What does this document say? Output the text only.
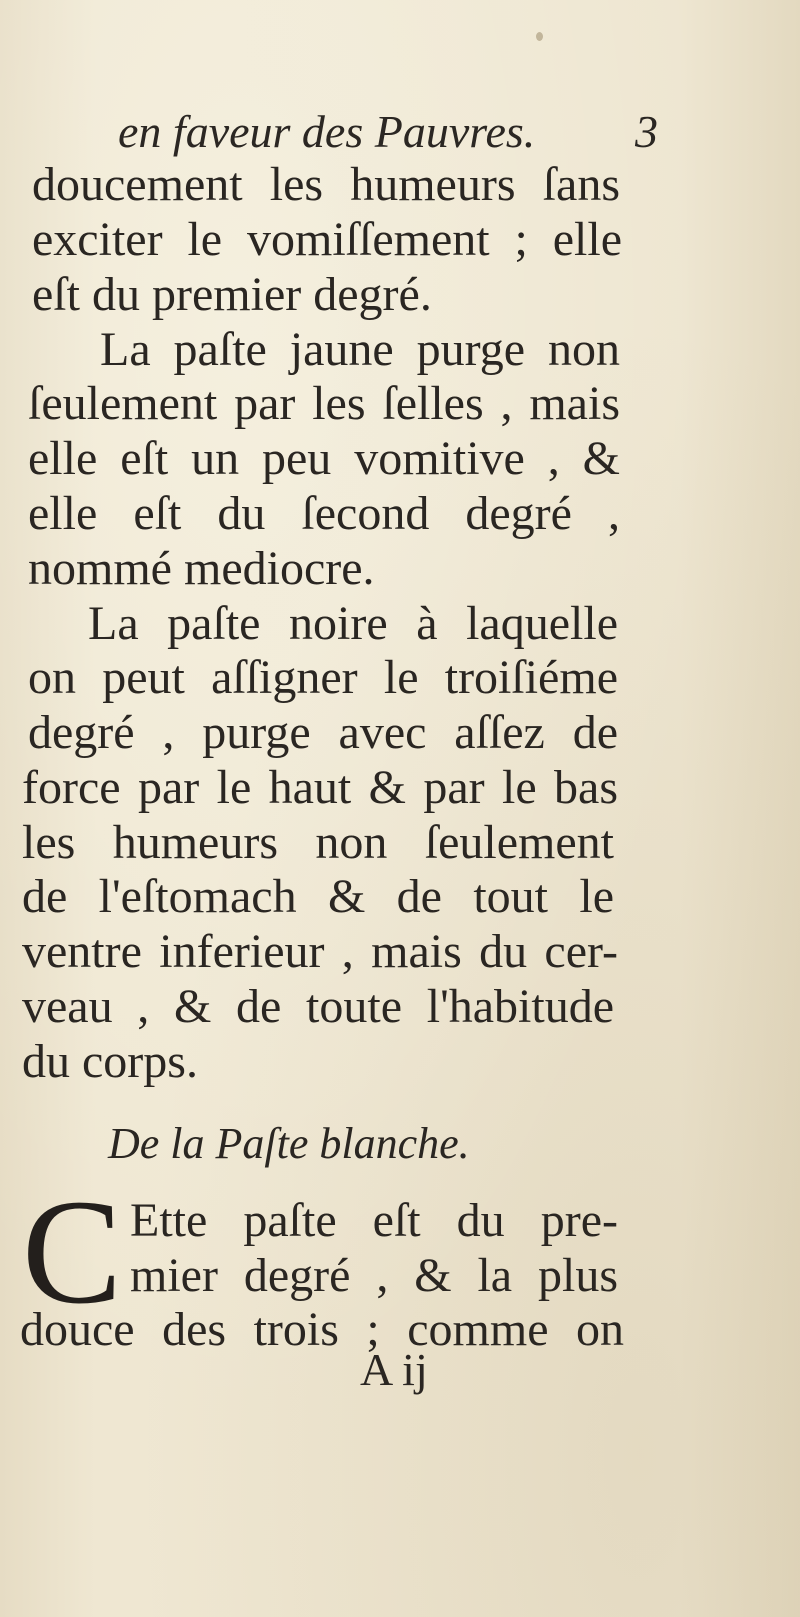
en faveur des Pauvres. 3
doucement les humeurs ſans
exciter le vomiſſement ; elle
eſt du premier degré.
La paſte jaune purge non
ſeulement par les ſelles , mais
elle eſt un peu vomitive , &
elle eſt du ſecond degré ,
nommé mediocre.
La paſte noire à laquelle
on peut aſſigner le troiſiéme
degré , purge avec aſſez de
force par le haut & par le bas
les humeurs non ſeulement
de l'eſtomach & de tout le
ventre inferieur , mais du cer-
veau , & de toute l'habitude
du corps.
De la Paſte blanche.
C Ette paſte eſt du pre-
mier degré , & la plus
douce des trois ; comme on
A ij
